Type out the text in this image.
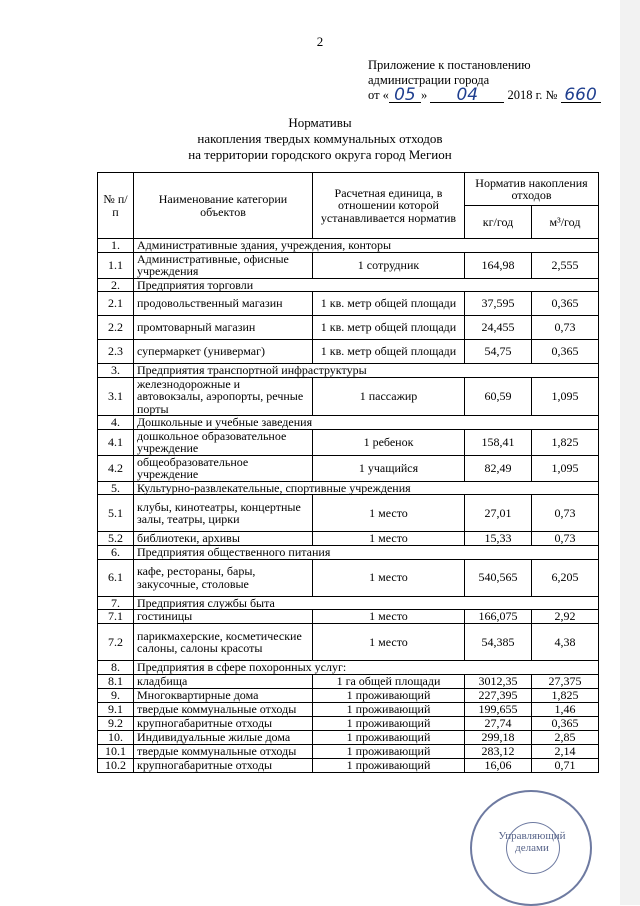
2
Приложение к постановлению
администрации города
от « 05 » 04 2018 г. № 660
Нормативы
накопления твердых коммунальных отходов
на территории городского округа город Мегион
№ п/п	Наименование категории объектов	Расчетная единица, в отношении которой устанавливается норматив	Норматив накопления отходов	
			кг/год	м³/год
1.	Административные здания, учреждения, конторы			
1.1	Административные, офисные учреждения	1 сотрудник	164,98	2,555
2.	Предприятия торговли			
2.1	продовольственный магазин	1 кв. метр общей площади	37,595	0,365
2.2	промтоварный магазин	1 кв. метр общей площади	24,455	0,73
2.3	супермаркет (универмаг)	1 кв. метр общей площади	54,75	0,365
3.	Предприятия транспортной инфраструктуры			
3.1	железнодорожные и автовокзалы, аэропорты, речные порты	1 пассажир	60,59	1,095
4.	Дошкольные и учебные заведения			
4.1	дошкольное образовательное учреждение	1 ребенок	158,41	1,825
4.2	общеобразовательное учреждение	1 учащийся	82,49	1,095
5.	Культурно-развлекательные, спортивные учреждения			
5.1	клубы, кинотеатры, концертные залы, театры, цирки	1 место	27,01	0,73
5.2	библиотеки, архивы	1 место	15,33	0,73
6.	Предприятия общественного питания			
6.1	кафе, рестораны, бары, закусочные, столовые	1 место	540,565	6,205
7.	Предприятия службы быта			
7.1	гостиницы	1 место	166,075	2,92
7.2	парикмахерские, косметические салоны, салоны красоты	1 место	54,385	4,38
8.	Предприятия в сфере похоронных услуг:			
8.1	кладбища	1 га общей площади	3012,35	27,375
9.	Многоквартирные дома	1 проживающий	227,395	1,825
9.1	твердые коммунальные отходы	1 проживающий	199,655	1,46
9.2	крупногабаритные отходы	1 проживающий	27,74	0,365
10.	Индивидуальные жилые дома	1 проживающий	299,18	2,85
10.1	твердые коммунальные отходы	1 проживающий	283,12	2,14
10.2	крупногабаритные отходы	1 проживающий	16,06	0,71
Управляющий делами
